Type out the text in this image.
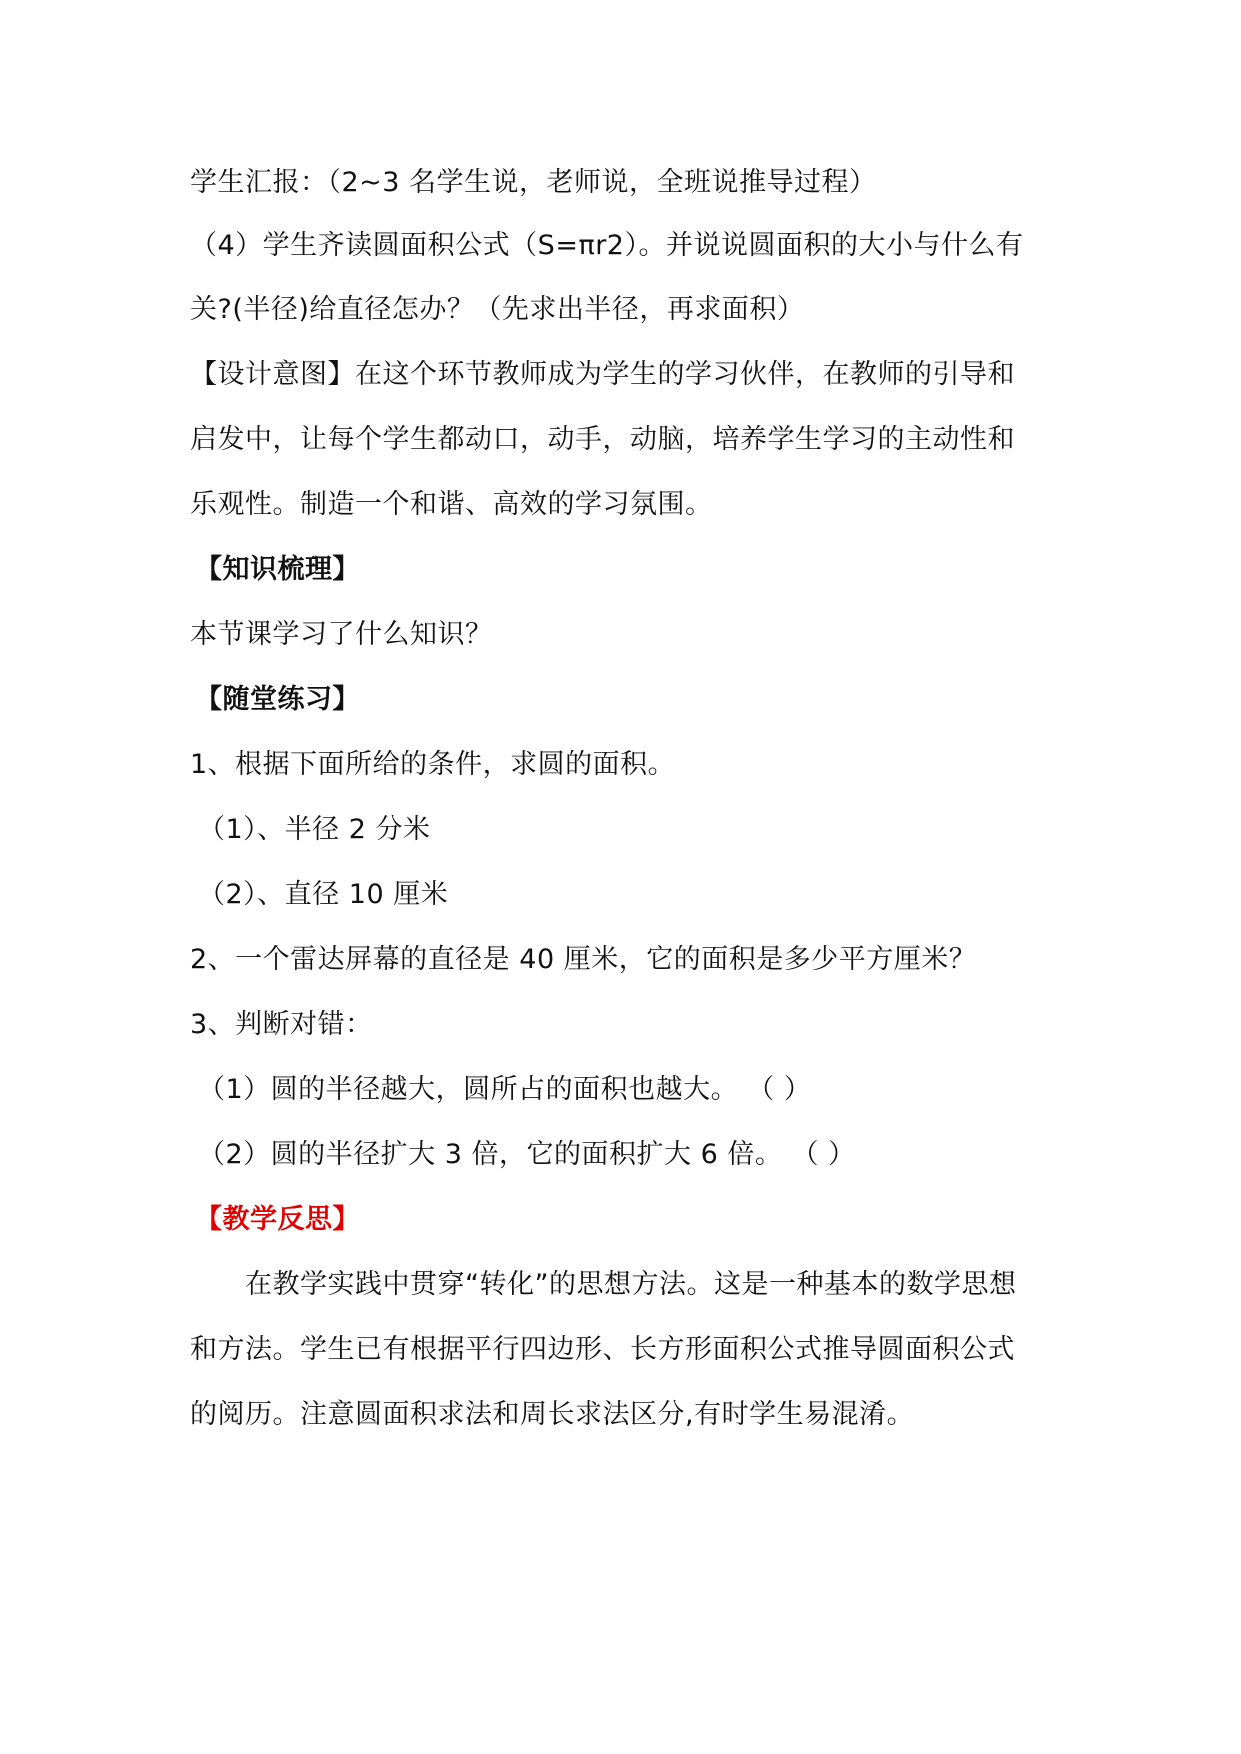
学生汇报：（2~3 名学生说，老师说，全班说推导过程）
（4）学生齐读圆面积公式（S=πr2）。并说说圆面积的大小与什么有
关?(半径)给直径怎办？（先求出半径，再求面积）
【设计意图】在这个环节教师成为学生的学习伙伴，在教师的引导和
启发中，让每个学生都动口，动手，动脑，培养学生学习的主动性和
乐观性。制造一个和谐、高效的学习氛围。
【知识梳理】
本节课学习了什么知识？
【随堂练习】
1、根据下面所给的条件，求圆的面积。
（1）、半径 2 分米
（2）、直径 10 厘米
2、一个雷达屏幕的直径是 40 厘米，它的面积是多少平方厘米？
3、判断对错：
（1）圆的半径越大，圆所占的面积也越大。 （ ）
（2）圆的半径扩大 3 倍，它的面积扩大 6 倍。 （ ）
【教学反思】
在教学实践中贯穿“转化”的思想方法。这是一种基本的数学思想
和方法。学生已有根据平行四边形、长方形面积公式推导圆面积公式
的阅历。注意圆面积求法和周长求法区分,有时学生易混淆。
